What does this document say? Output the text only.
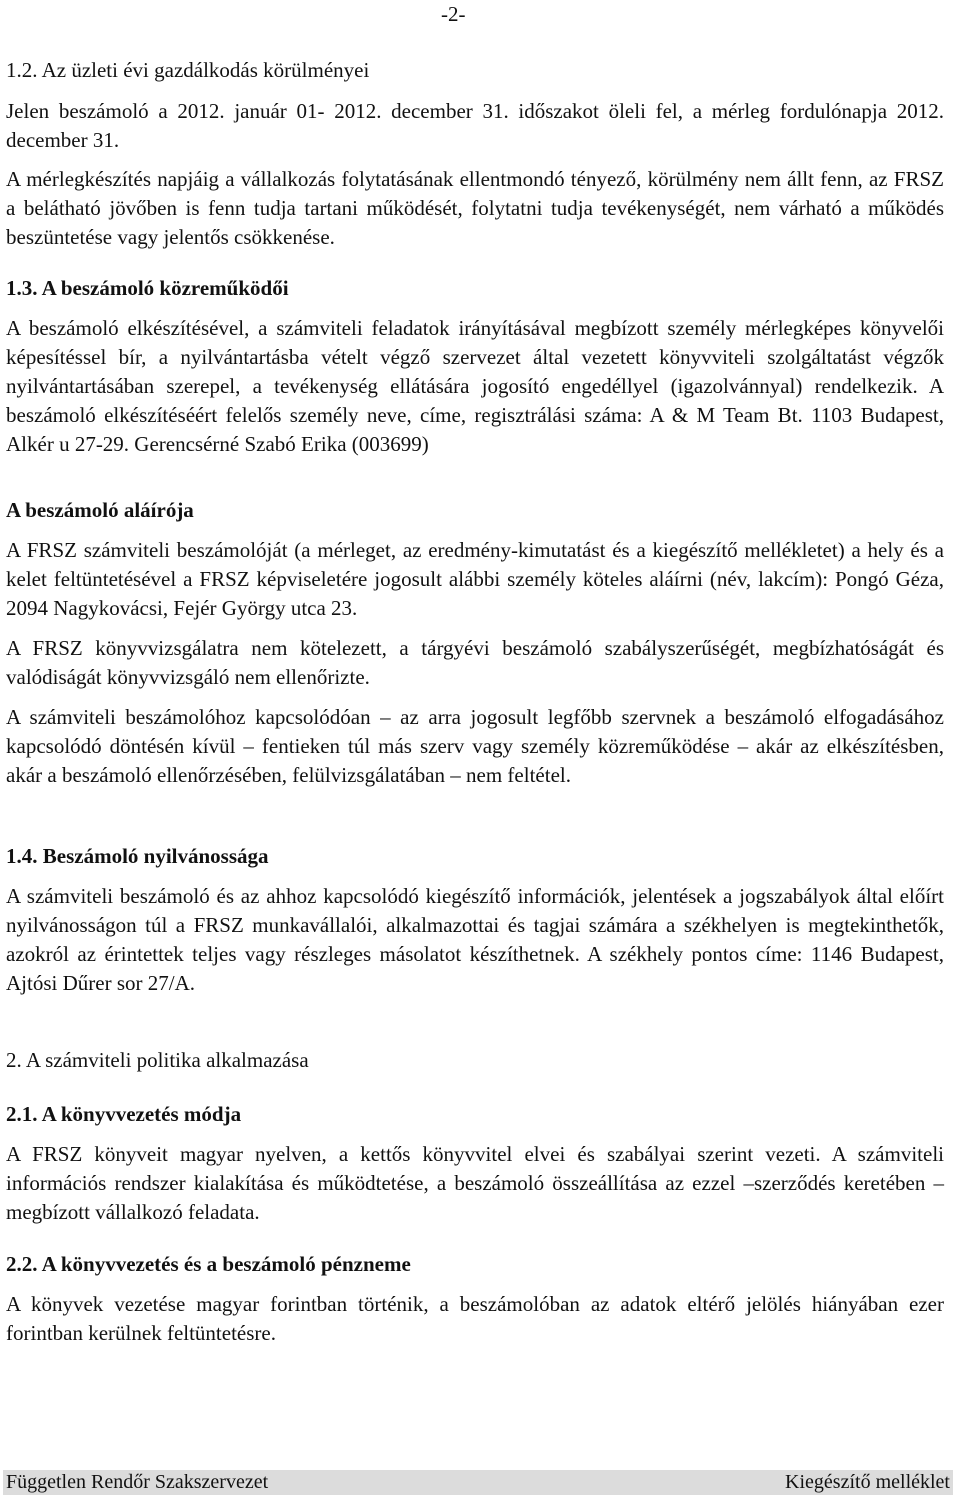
-2-
1.2. Az üzleti évi gazdálkodás körülményei
Jelen beszámoló a 2012. január 01- 2012. december 31. időszakot öleli fel, a mérleg fordulónapja 2012. december 31.
A mérlegkészítés napjáig a vállalkozás folytatásának ellentmondó tényező, körülmény nem állt fenn, az FRSZ a belátható jövőben is fenn tudja tartani működését, folytatni tudja tevékenységét, nem várható a működés beszüntetése vagy jelentős csökkenése.
1.3. A beszámoló közreműködői
A beszámoló elkészítésével, a számviteli feladatok irányításával megbízott személy mérlegképes könyvelői képesítéssel bír, a nyilvántartásba vételt végző szervezet által vezetett könyvviteli szolgáltatást végzők nyilvántartásában szerepel, a tevékenység ellátására jogosító engedéllyel (igazolvánnyal) rendelkezik. A beszámoló elkészítéséért felelős személy neve, címe, regisztrálási száma: A & M Team Bt. 1103 Budapest, Alkér u 27-29. Gerencsérné Szabó Erika (003699)
A beszámoló aláírója
A FRSZ számviteli beszámolóját (a mérleget, az eredmény-kimutatást és a kiegészítő mellékletet) a hely és a kelet feltüntetésével a FRSZ képviseletére jogosult alábbi személy köteles aláírni (név, lakcím): Pongó Géza, 2094 Nagykovácsi, Fejér György utca 23.
A FRSZ könyvvizsgálatra nem kötelezett, a tárgyévi beszámoló szabályszerűségét, megbízhatóságát és valódiságát könyvvizsgáló nem ellenőrizte.
A számviteli beszámolóhoz kapcsolódóan – az arra jogosult legfőbb szervnek a beszámoló elfogadásához kapcsolódó döntésén kívül – fentieken túl más szerv vagy személy közreműködése – akár az elkészítésben, akár a beszámoló ellenőrzésében, felülvizsgálatában – nem feltétel.
1.4. Beszámoló nyilvánossága
A számviteli beszámoló és az ahhoz kapcsolódó kiegészítő információk, jelentések a jogszabályok által előírt nyilvánosságon túl a FRSZ munkavállalói, alkalmazottai és tagjai számára a székhelyen is megtekinthetők, azokról az érintettek teljes vagy részleges másolatot készíthetnek. A székhely pontos címe: 1146 Budapest, Ajtósi Dűrer sor 27/A.
2. A számviteli politika alkalmazása
2.1. A könyvvezetés módja
A FRSZ könyveit magyar nyelven, a kettős könyvvitel elvei és szabályai szerint vezeti. A számviteli információs rendszer kialakítása és működtetése, a beszámoló összeállítása az ezzel –szerződés keretében – megbízott vállalkozó feladata.
2.2. A könyvvezetés és a beszámoló pénzneme
A könyvek vezetése magyar forintban történik, a beszámolóban az adatok eltérő jelölés hiányában ezer forintban kerülnek feltüntetésre.
Független Rendőr Szakszervezet	Kiegészítő melléklet
